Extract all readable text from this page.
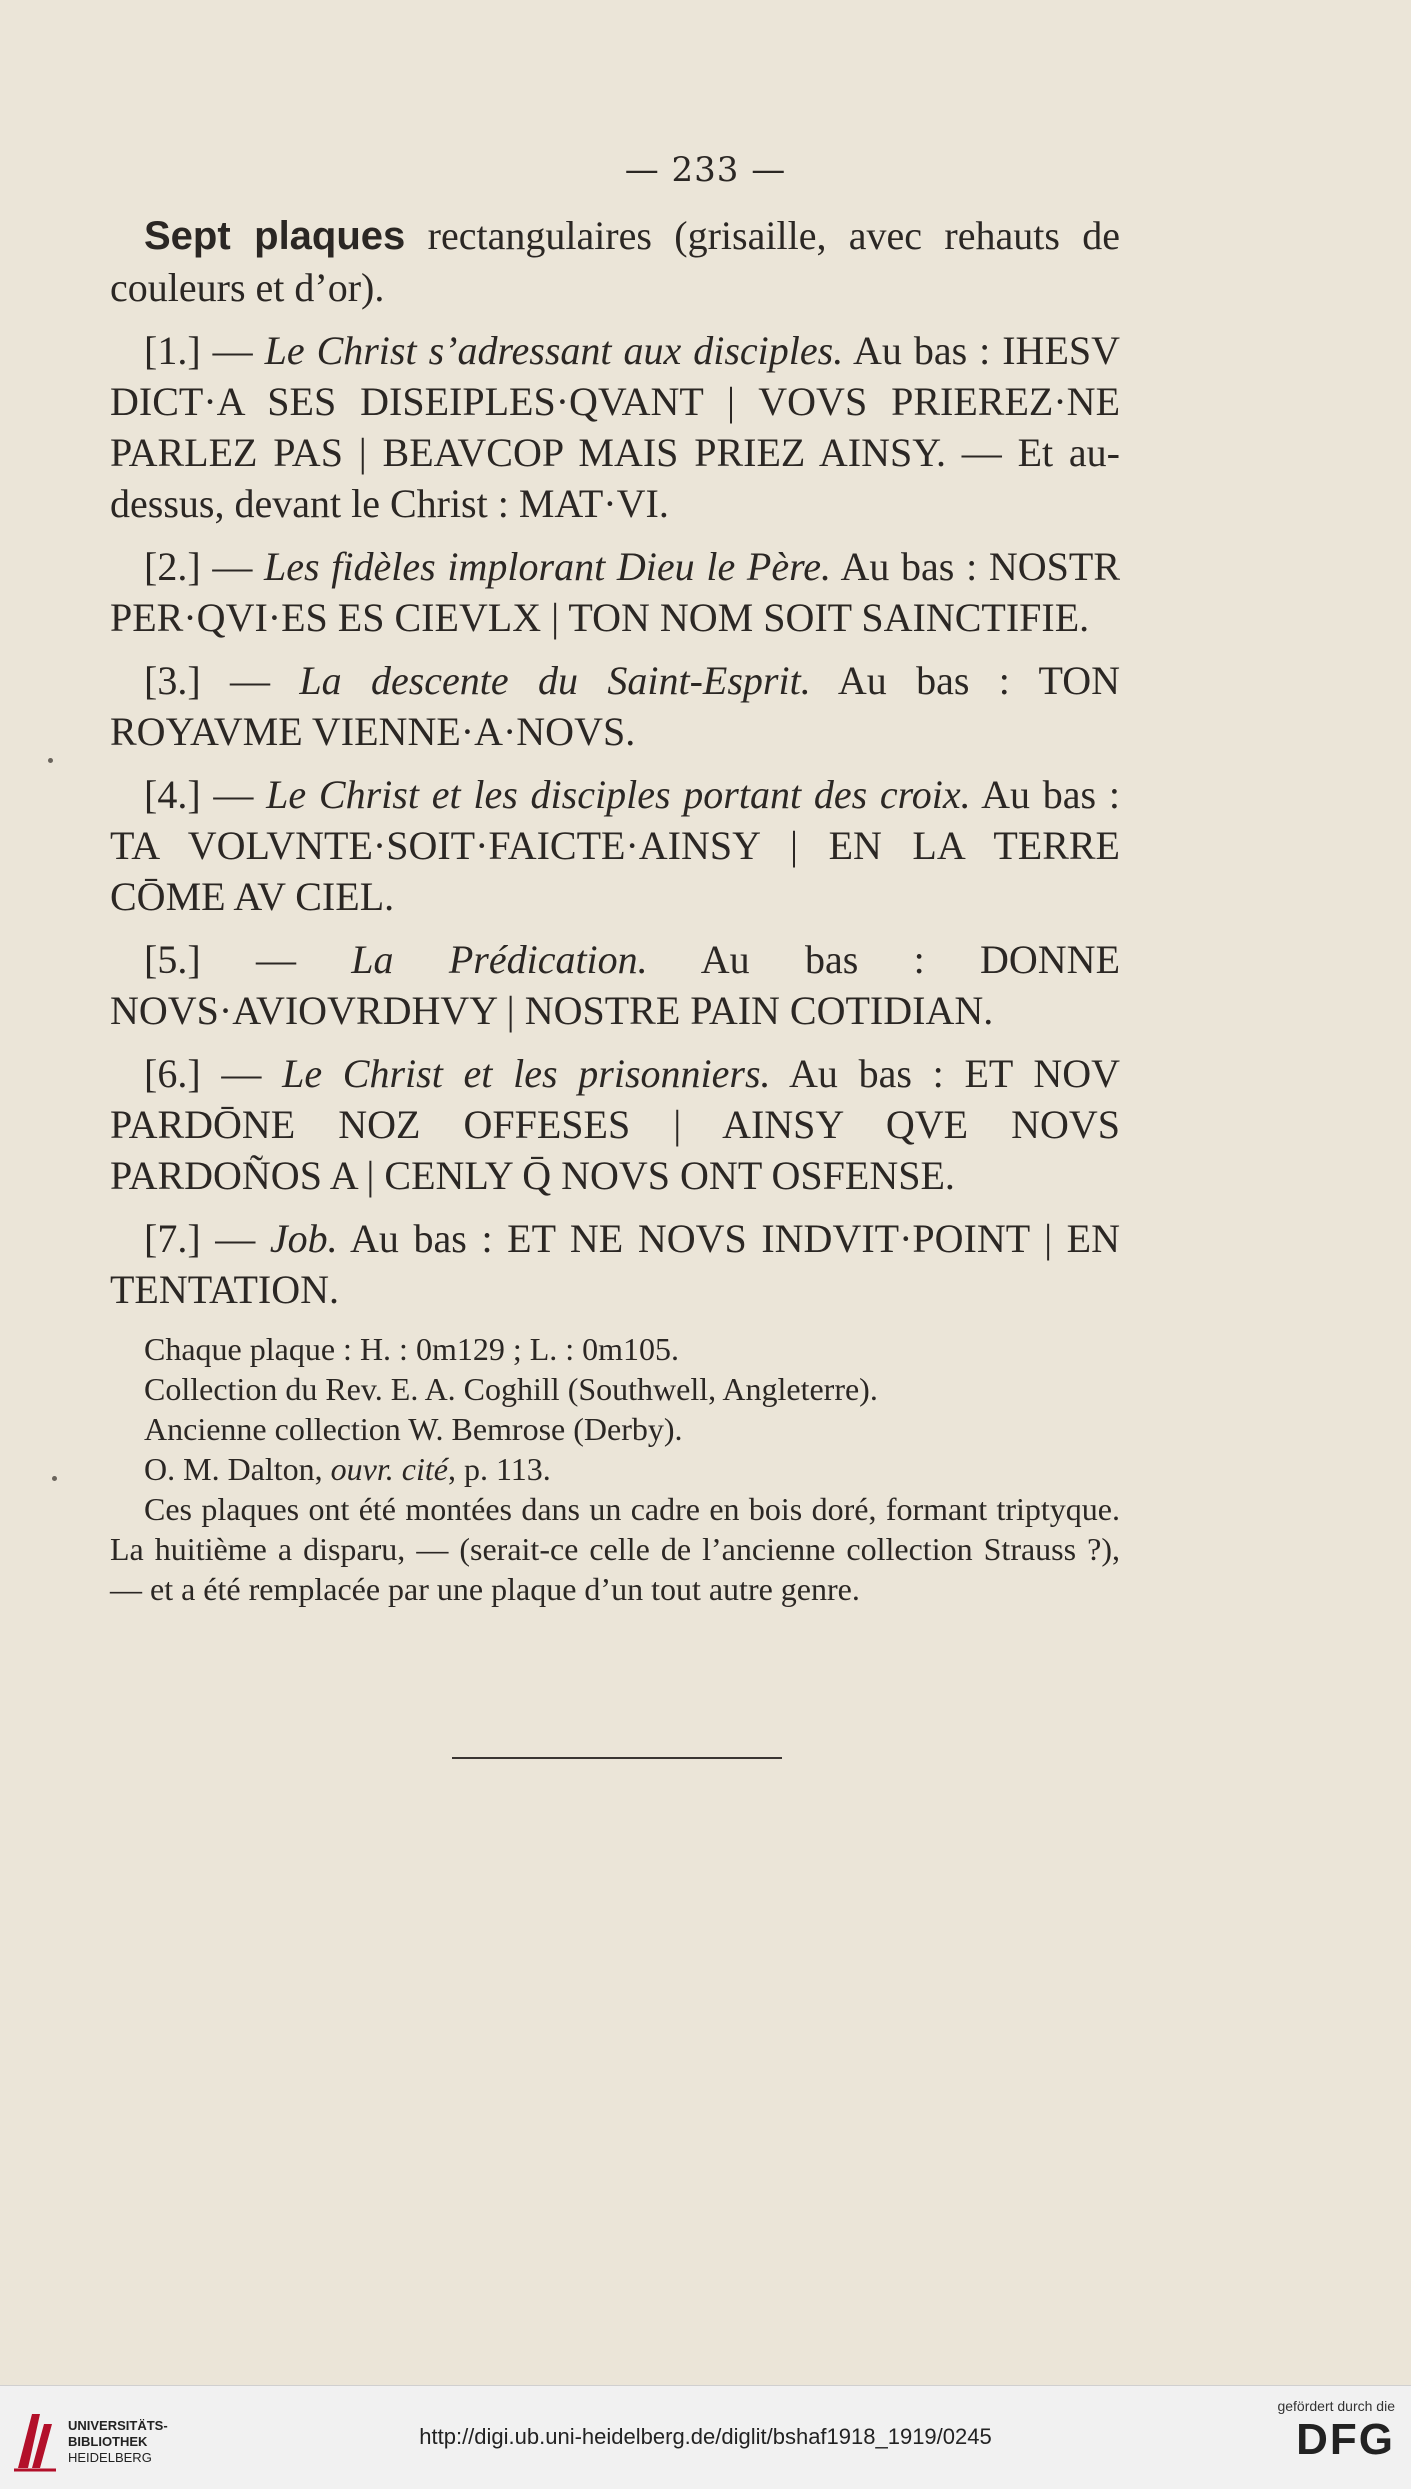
— 233 —

Sept plaques rectangulaires (grisaille, avec rehauts de couleurs et d’or).

[1.] — Le Christ s’adressant aux disciples. Au bas : IHESV DICT·A SES DISEIPLES·QVANT | VOVS PRIEREZ·NE PARLEZ PAS | BEAVCOP MAIS PRIEZ AINSY. — Et au-dessus, devant le Christ : MAT·VI.

[2.] — Les fidèles implorant Dieu le Père. Au bas : NOSTR PER·QVI·ES ES CIEVLX | TON NOM SOIT SAINCTIFIE.

[3.] — La descente du Saint-Esprit. Au bas : TON ROYAVME VIENNE·A·NOVS.

[4.] — Le Christ et les disciples portant des croix. Au bas : TA VOLVNTE·SOIT·FAICTE·AINSY | EN LA TERRE CŌME AV CIEL.

[5.] — La Prédication. Au bas : DONNE NOVS·AVIOVRDHVY | NOSTRE PAIN COTIDIAN.

[6.] — Le Christ et les prisonniers. Au bas : ET NOV PARDŌNE NOZ OFFESES | AINSY QVE NOVS PARDOÑOS A | CENLY Q̄ NOVS ONT OSFENSE.

[7.] — Job. Au bas : ET NE NOVS INDVIT·POINT | EN TENTATION.

Chaque plaque : H. : 0m129 ; L. : 0m105.

Collection du Rev. E. A. Coghill (Southwell, Angleterre).

Ancienne collection W. Bemrose (Derby).

O. M. Dalton, ouvr. cité, p. 113.

Ces plaques ont été montées dans un cadre en bois doré, formant triptyque. La huitième a disparu, — (serait-ce celle de l’ancienne collection Strauss ?), — et a été remplacée par une plaque d’un tout autre genre.

UNIVERSITÄTS-
BIBLIOTHEK
HEIDELBERG
http://digi.ub.uni-heidelberg.de/diglit/bshaf1918_1919/0245
gefördert durch die
DFG
